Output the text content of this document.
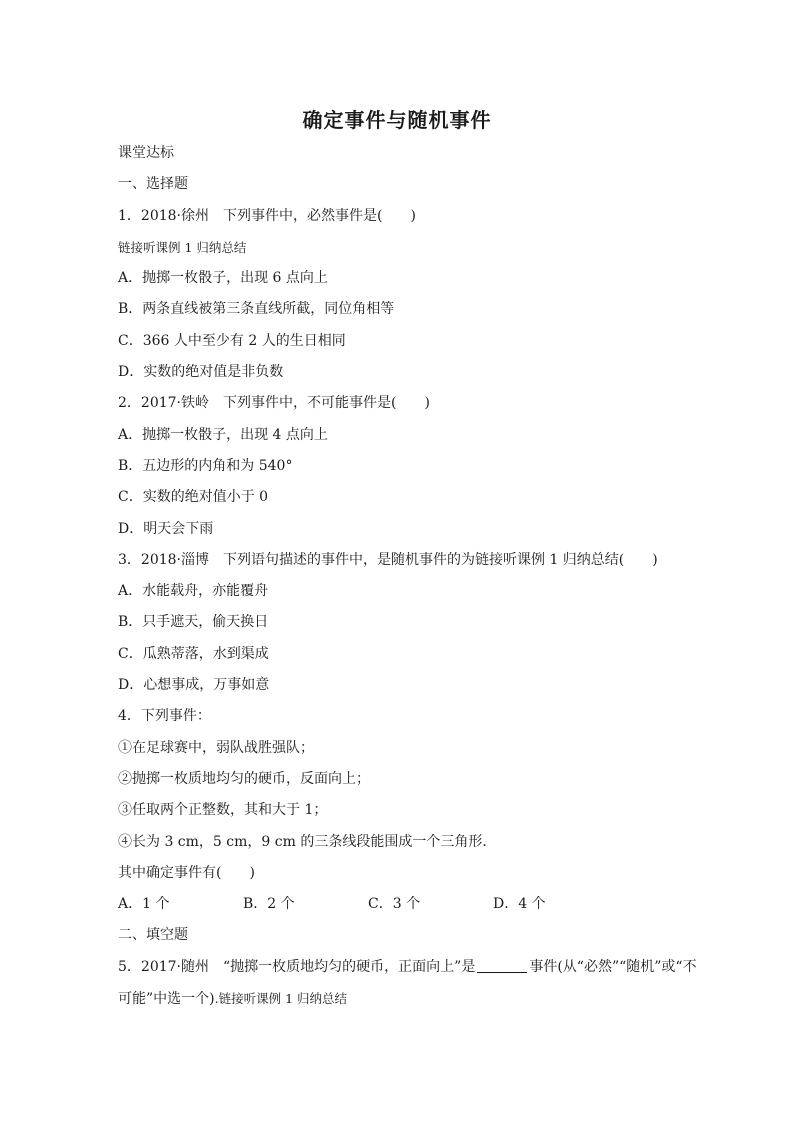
确定事件与随机事件
课堂达标
一、选择题
1．2018·徐州 下列事件中，必然事件是(　　)
链接听课例 1 归纳总结
A．抛掷一枚骰子，出现 6 点向上
B．两条直线被第三条直线所截，同位角相等
C．366 人中至少有 2 人的生日相同
D．实数的绝对值是非负数
2．2017·铁岭 下列事件中，不可能事件是(　　)
A．抛掷一枚骰子，出现 4 点向上
B．五边形的内角和为 540°
C．实数的绝对值小于 0
D．明天会下雨
3．2018·淄博 下列语句描述的事件中，是随机事件的为链接听课例 1 归纳总结(　　)
A．水能载舟，亦能覆舟
B．只手遮天，偷天换日
C．瓜熟蒂落，水到渠成
D．心想事成，万事如意
4．下列事件：
①在足球赛中，弱队战胜强队；
②抛掷一枚质地均匀的硬币，反面向上；
③任取两个正整数，其和大于 1；
④长为 3 cm，5 cm，9 cm 的三条线段能围成一个三角形．
其中确定事件有(　　)
A．1 个	B．2 个	C．3 个	D．4 个
二、填空题
5．2017·随州 “抛掷一枚质地均匀的硬币，正面向上”是	事件(从“必然”“随机”或“不
可能”中选一个).链接听课例 1 归纳总结
